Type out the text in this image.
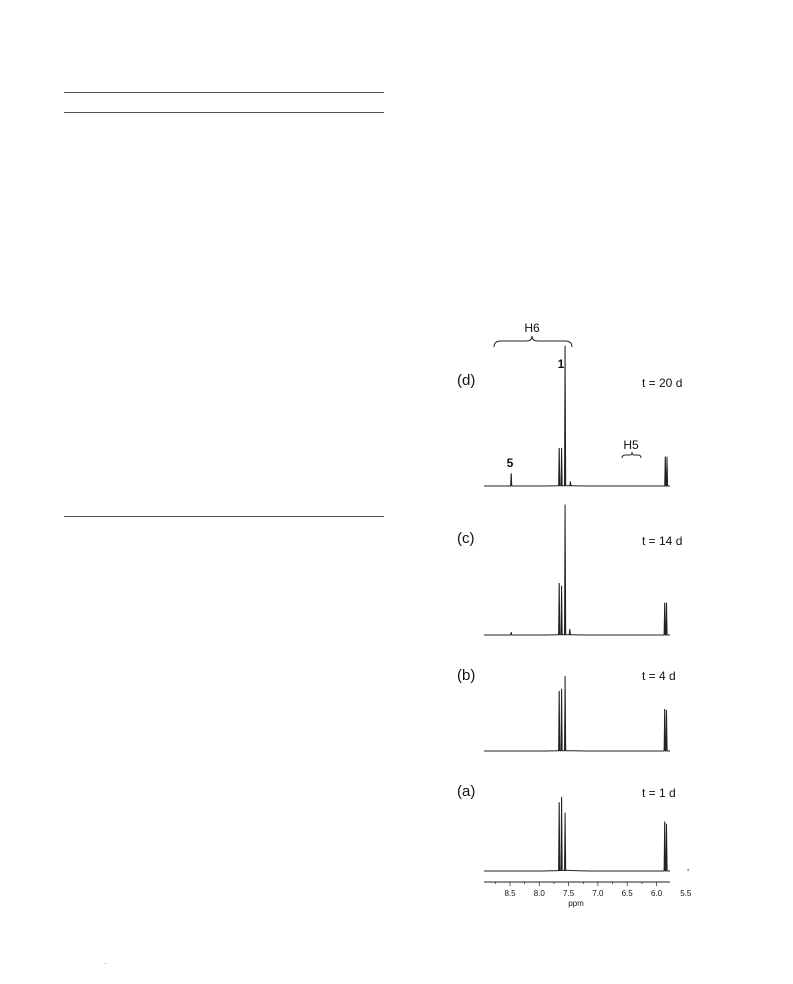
(d)	t = 20 d
(c)	t = 14 d
(b)	t = 4 d
(a)	t = 1 d
H6
H5
1
5
8.5 8.0 7.5 7.0 6.5 6.0 5.5
ppm
